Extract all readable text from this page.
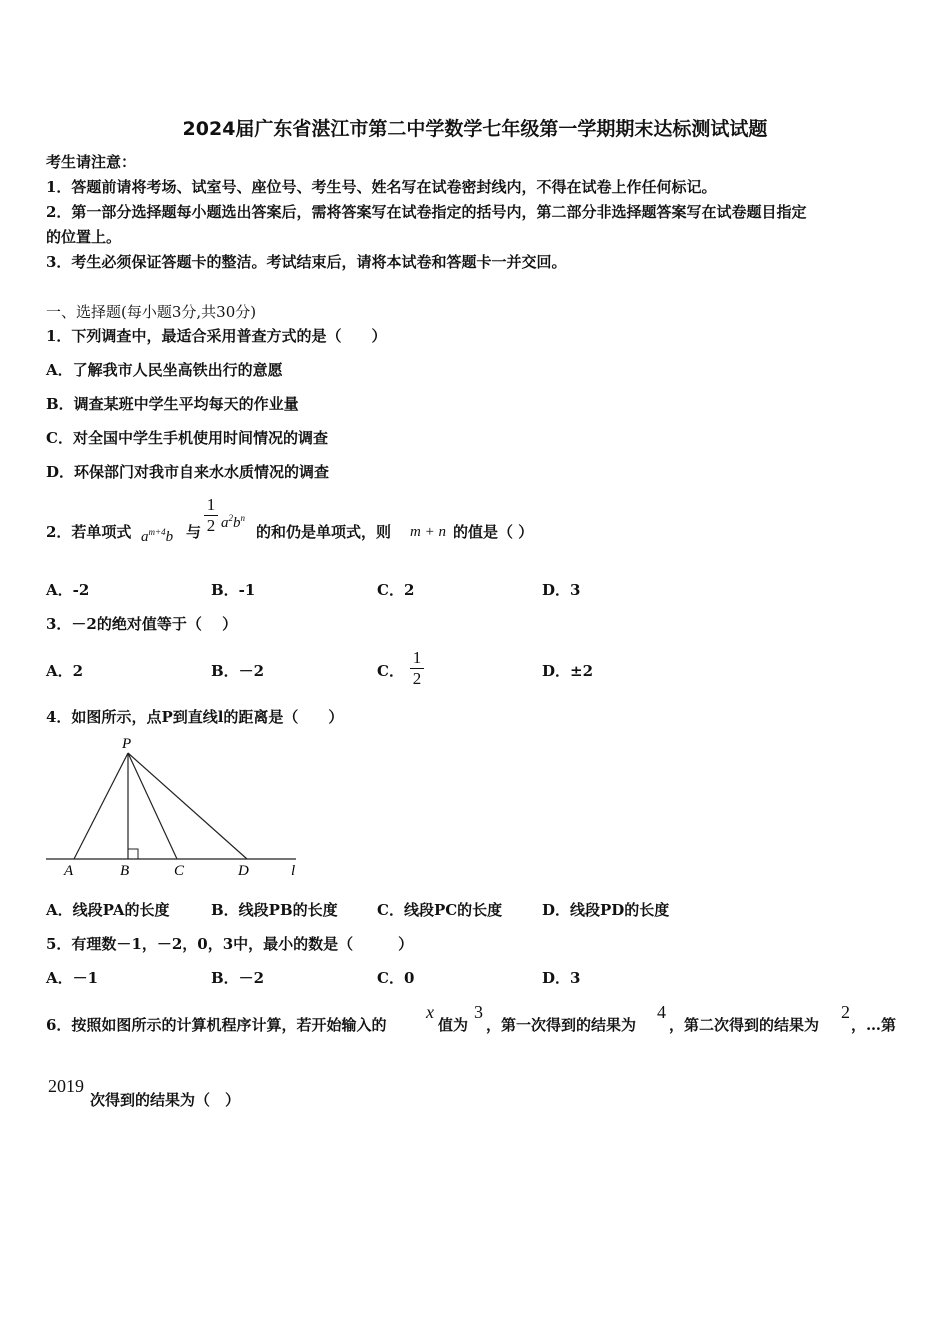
2024届广东省湛江市第二中学数学七年级第一学期期末达标测试试题
考生请注意：
1．答题前请将考场、试室号、座位号、考生号、姓名写在试卷密封线内，不得在试卷上作任何标记。
2．第一部分选择题每小题选出答案后，需将答案写在试卷指定的括号内，第二部分非选择题答案写在试卷题目指定
的位置上。
3．考生必须保证答题卡的整洁。考试结束后，请将本试卷和答题卡一并交回。
一、选择题(每小题3分,共30分)
1．下列调查中，最适合采用普查方式的是（　　）
A．了解我市人民坐高铁出行的意愿
B．调查某班中学生平均每天的作业量
C．对全国中学生手机使用时间情况的调查
D．环保部门对我市自来水水质情况的调查
2．若单项式 $a^{m+4}b$ 与
1
2 $a^2b^n$
的和仍是单项式，则 m + n 的值是（ ）
A．-2	B．-1	C．2	D．3
3．－2的绝对值等于（　 ）
A．2	B．－2	C．
1
2	D．±2
4．如图所示，点P到直线l的距离是（　　）
P
A	B	C	D	l
A．线段PA的长度	B．线段PB的长度	C．线段PC的长度	D．线段PD的长度
5．有理数－1，－2，0，3中，最小的数是（　　　）
A．－1	B．－2	C．0	D．3
6．按照如图所示的计算机程序计算，若开始输入的
x
值为
3
，第一次得到的结果为
4
，第二次得到的结果为
2
，…第
2019
次得到的结果为（　）
